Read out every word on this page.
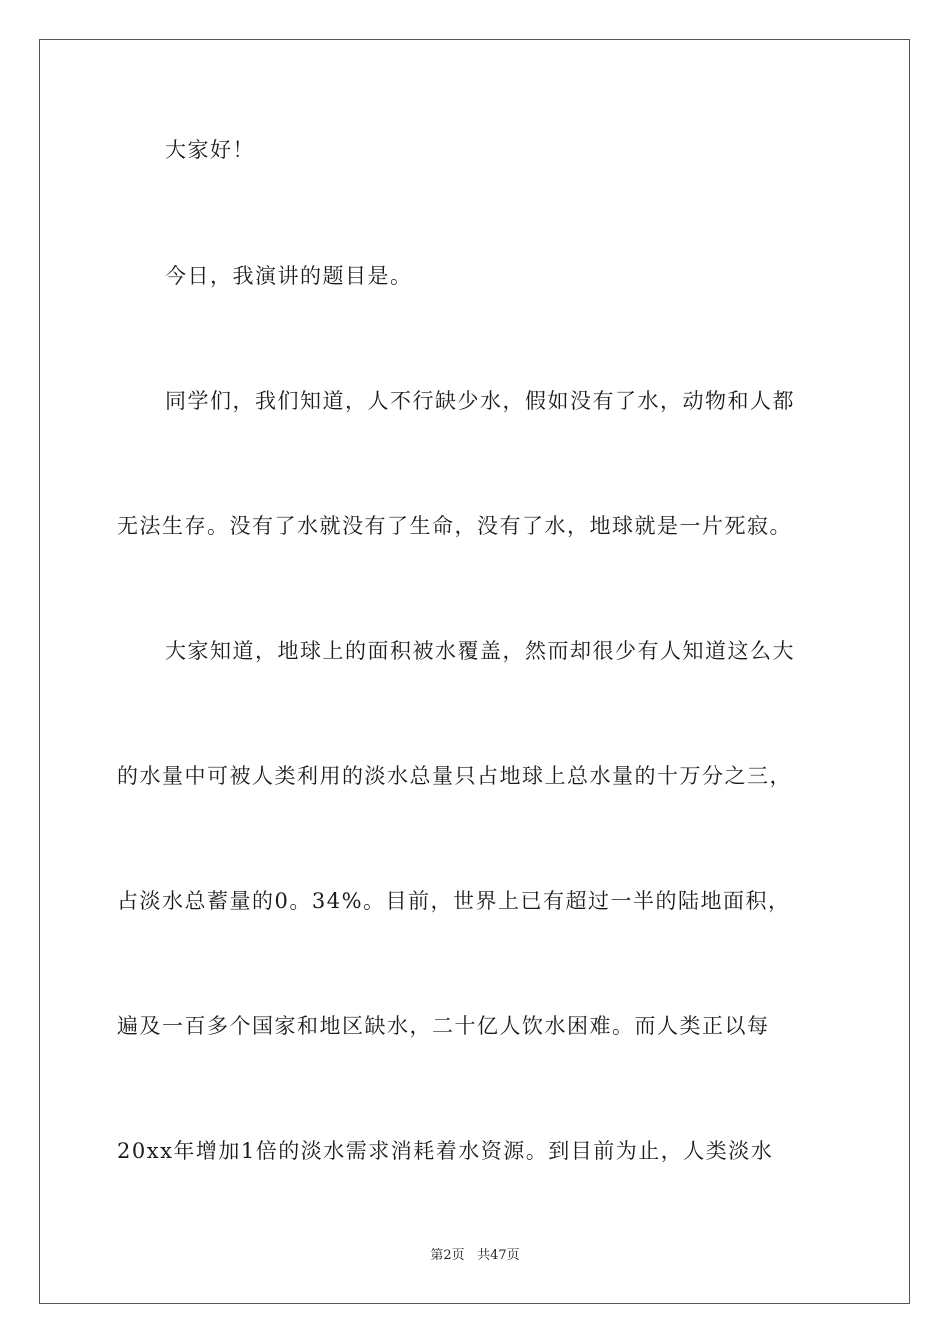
大家好！
今日，我演讲的题目是。
同学们，我们知道，人不行缺少水，假如没有了水，动物和人都
无法生存。没有了水就没有了生命，没有了水，地球就是一片死寂。
大家知道，地球上的面积被水覆盖，然而却很少有人知道这么大
的水量中可被人类利用的淡水总量只占地球上总水量的十万分之三，
占淡水总蓄量的0。34%。目前，世界上已有超过一半的陆地面积，
遍及一百多个国家和地区缺水，二十亿人饮水困难。而人类正以每
20xx年增加1倍的淡水需求消耗着水资源。到目前为止，人类淡水
第2页 共47页
